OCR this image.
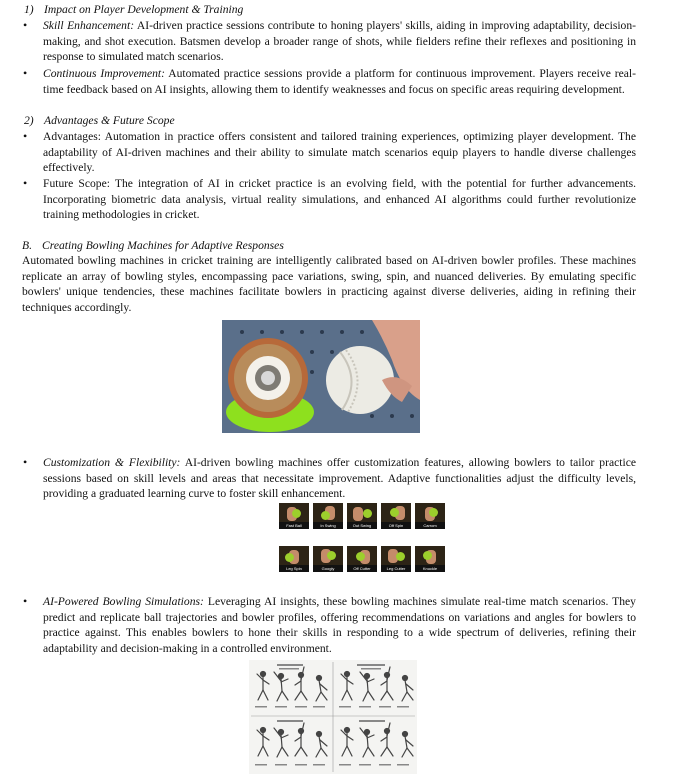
1) Impact on Player Development & Training
• Skill Enhancement: AI-driven practice sessions contribute to honing players' skills, aiding in improving adaptability, decision-making, and shot execution. Batsmen develop a broader range of shots, while fielders refine their reflexes and positioning in response to simulated match scenarios.
• Continuous Improvement: Automated practice sessions provide a platform for continuous improvement. Players receive real-time feedback based on AI insights, allowing them to identify weaknesses and focus on specific areas requiring development.
2) Advantages & Future Scope
• Advantages: Automation in practice offers consistent and tailored training experiences, optimizing player development. The adaptability of AI-driven machines and their ability to simulate match scenarios equip players to handle diverse challenges effectively.
• Future Scope: The integration of AI in cricket practice is an evolving field, with the potential for further advancements. Incorporating biometric data analysis, virtual reality simulations, and enhanced AI algorithms could further revolutionize training methodologies in cricket.
B. Creating Bowling Machines for Adaptive Responses
Automated bowling machines in cricket training are intelligently calibrated based on AI-driven bowler profiles. These machines replicate an array of bowling styles, encompassing pace variations, swing, spin, and nuanced deliveries. By emulating specific bowlers' unique tendencies, these machines facilitate bowlers in practicing against diverse deliveries, aiding in refining their techniques accordingly.
• Customization & Flexibility: AI-driven bowling machines offer customization features, allowing bowlers to tailor practice sessions based on skill levels and areas that necessitate improvement. Adaptive functionalities adjust the difficulty levels, providing a graduated learning curve to foster skill enhancement.
Fast Ball	In Swing	Out Swing	Off Spin	Carrom
Leg Spin	Googly	Off Cutter	Leg Cutter	Knuckle
• AI-Powered Bowling Simulations: Leveraging AI insights, these bowling machines simulate real-time match scenarios. They predict and replicate ball trajectories and bowler profiles, offering recommendations on variations and angles for bowlers to practice against. This enables bowlers to hone their skills in responding to a wide spectrum of deliveries, refining their adaptability and decision-making in a controlled environment.
